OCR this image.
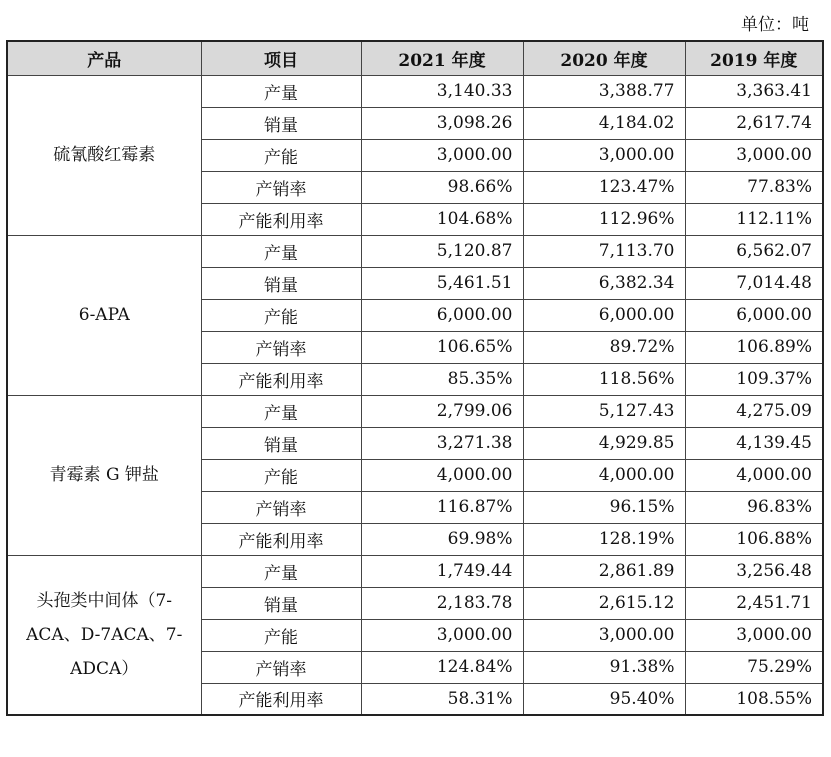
单位：吨
产品	项目	2021 年度	2020 年度	2019 年度
硫氰酸红霉素	产量	3,140.33	3,388.77	3,363.41
	销量	3,098.26	4,184.02	2,617.74
	产能	3,000.00	3,000.00	3,000.00
	产销率	98.66%	123.47%	77.83%
	产能利用率	104.68%	112.96%	112.11%
6-APA	产量	5,120.87	7,113.70	6,562.07
	销量	5,461.51	6,382.34	7,014.48
	产能	6,000.00	6,000.00	6,000.00
	产销率	106.65%	89.72%	106.89%
	产能利用率	85.35%	118.56%	109.37%
青霉素 G 钾盐	产量	2,799.06	5,127.43	4,275.09
	销量	3,271.38	4,929.85	4,139.45
	产能	4,000.00	4,000.00	4,000.00
	产销率	116.87%	96.15%	96.83%
	产能利用率	69.98%	128.19%	106.88%
头孢类中间体（7-ACA、D-7ACA、7-ADCA）	产量	1,749.44	2,861.89	3,256.48
	销量	2,183.78	2,615.12	2,451.71
	产能	3,000.00	3,000.00	3,000.00
	产销率	124.84%	91.38%	75.29%
	产能利用率	58.31%	95.40%	108.55%
